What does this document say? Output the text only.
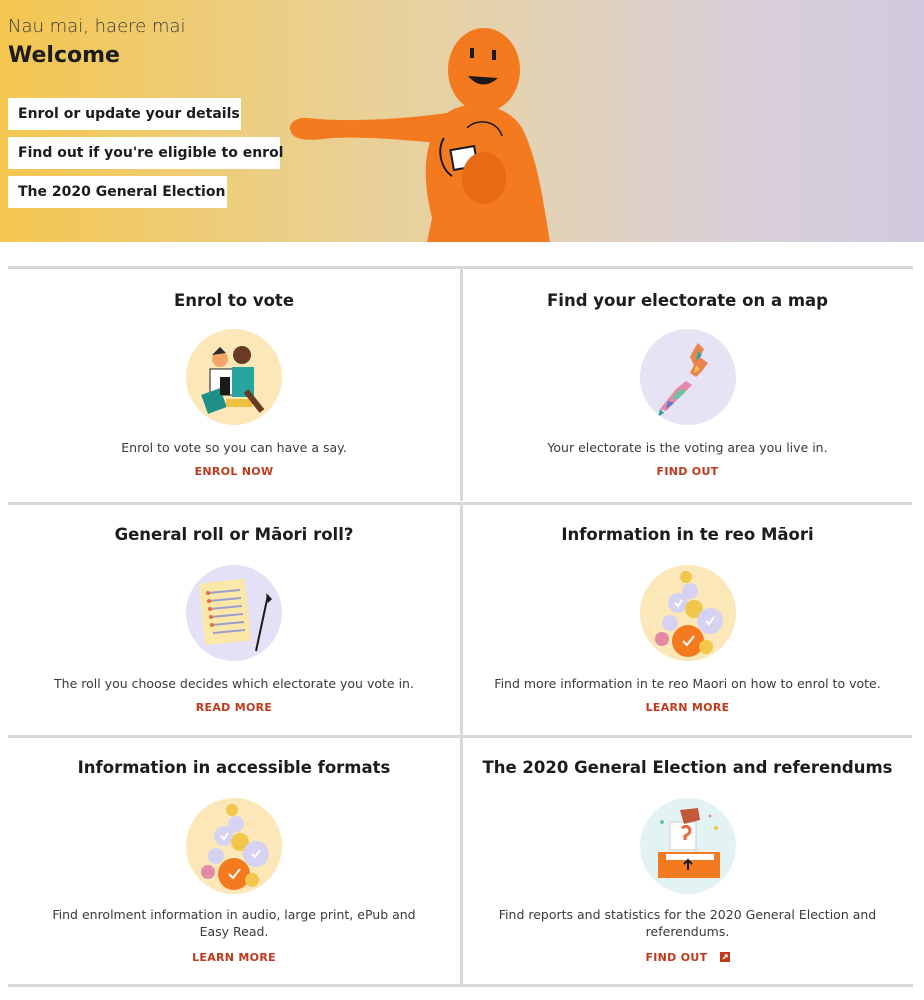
Nau mai, haere mai
Welcome
Enrol or update your details
Find out if you're eligible to enrol
The 2020 General Election
Enrol to vote
Enrol to vote so you can have a say.
ENROL NOW
Find your electorate on a map
Your electorate is the voting area you live in.
FIND OUT
General roll or Māori roll?
The roll you choose decides which electorate you vote in.
READ MORE
Information in te reo Māori
Find more information in te reo Maori on how to enrol to vote.
LEARN MORE
Information in accessible formats
Find enrolment information in audio, large print, ePub and Easy Read.
LEARN MORE
The 2020 General Election and referendums
Find reports and statistics for the 2020 General Election and referendums.
FIND OUT
